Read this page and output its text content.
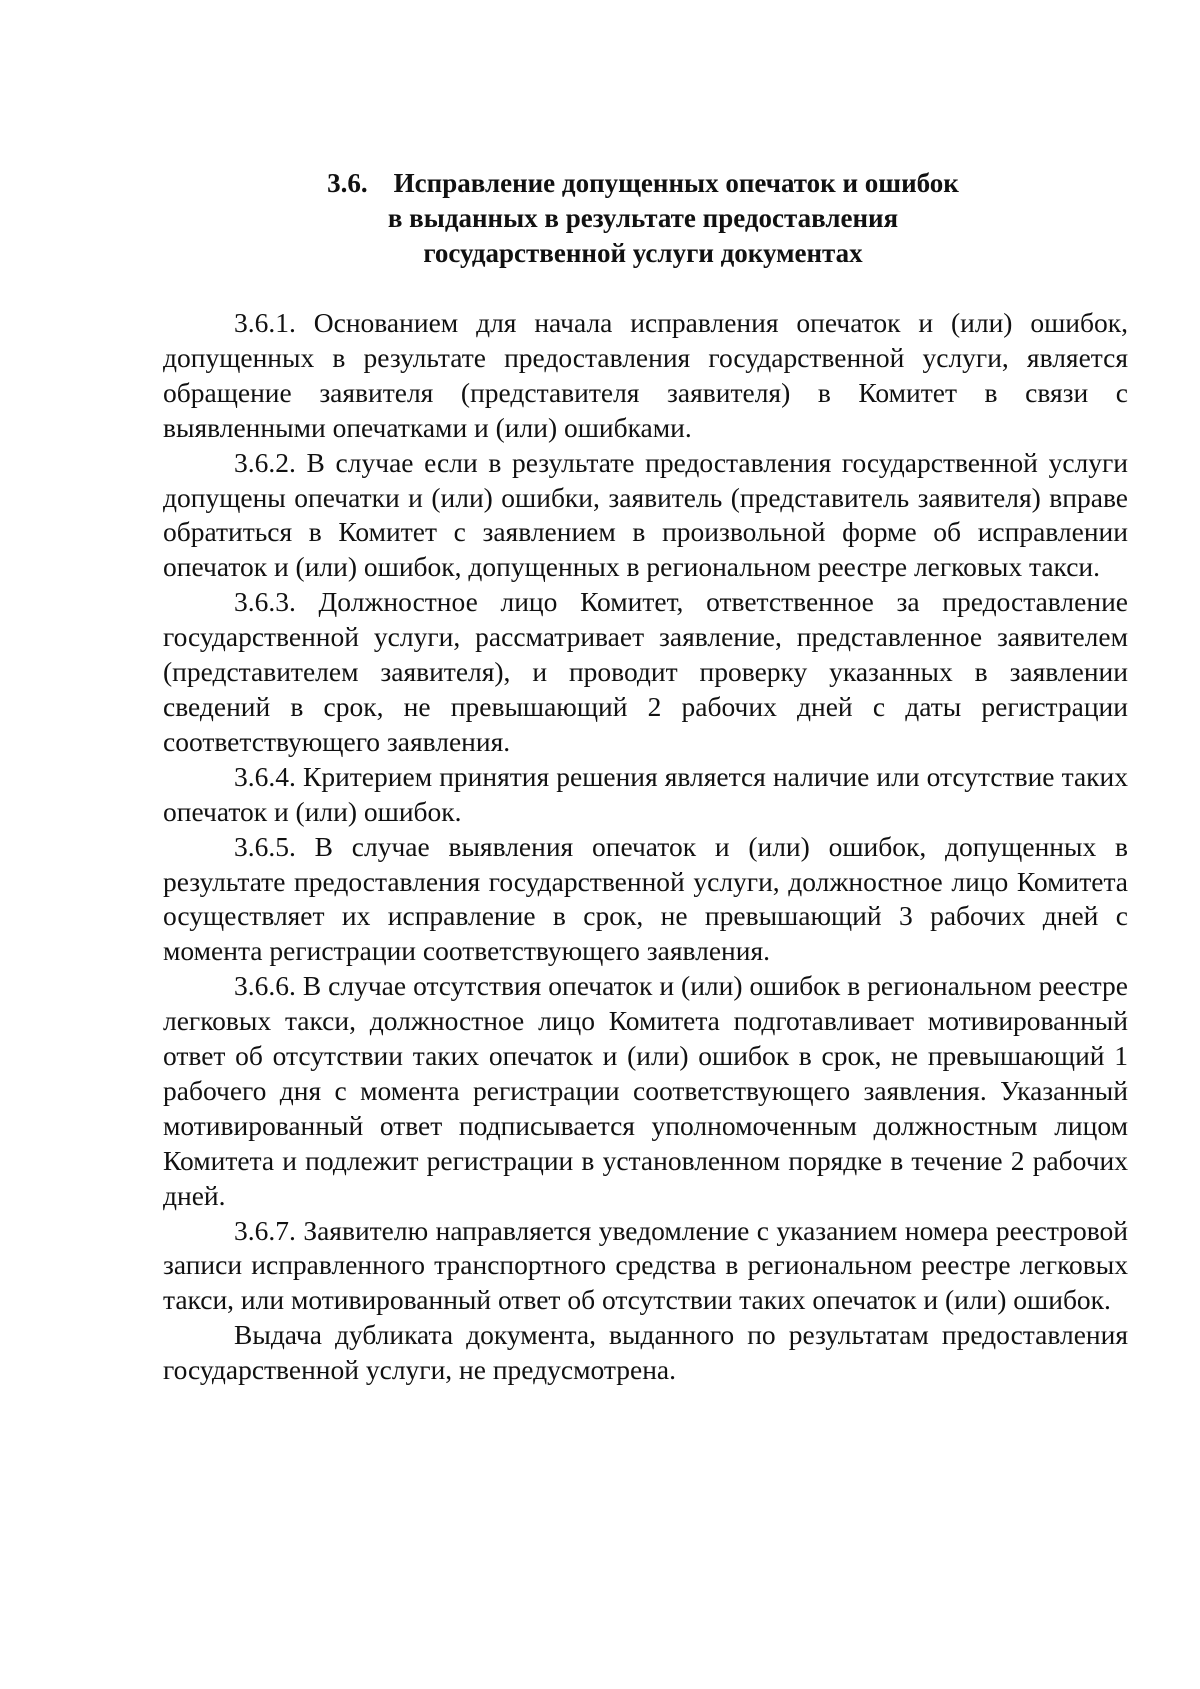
3.6. Исправление допущенных опечаток и ошибок
в выданных в результате предоставления
государственной услуги документах

3.6.1. Основанием для начала исправления опечаток и (или) ошибок, допущенных в результате предоставления государственной услуги, является обращение заявителя (представителя заявителя) в Комитет в связи с выявленными опечатками и (или) ошибками.

3.6.2. В случае если в результате предоставления государственной услуги допущены опечатки и (или) ошибки, заявитель (представитель заявителя) вправе обратиться в Комитет с заявлением в произвольной форме об исправлении опечаток и (или) ошибок, допущенных в региональном реестре легковых такси.

3.6.3. Должностное лицо Комитет, ответственное за предоставление государственной услуги, рассматривает заявление, представленное заявителем (представителем заявителя), и проводит проверку указанных в заявлении сведений в срок, не превышающий 2 рабочих дней с даты регистрации соответствующего заявления.

3.6.4. Критерием принятия решения является наличие или отсутствие таких опечаток и (или) ошибок.

3.6.5. В случае выявления опечаток и (или) ошибок, допущенных в результате предоставления государственной услуги, должностное лицо Комитета осуществляет их исправление в срок, не превышающий 3 рабочих дней с момента регистрации соответствующего заявления.

3.6.6. В случае отсутствия опечаток и (или) ошибок в региональном реестре легковых такси, должностное лицо Комитета подготавливает мотивированный ответ об отсутствии таких опечаток и (или) ошибок в срок, не превышающий 1 рабочего дня с момента регистрации соответствующего заявления. Указанный мотивированный ответ подписывается уполномоченным должностным лицом Комитета и подлежит регистрации в установленном порядке в течение 2 рабочих дней.

3.6.7. Заявителю направляется уведомление с указанием номера реестровой записи исправленного транспортного средства в региональном реестре легковых такси, или мотивированный ответ об отсутствии таких опечаток и (или) ошибок.

Выдача дубликата документа, выданного по результатам предоставления государственной услуги, не предусмотрена.
